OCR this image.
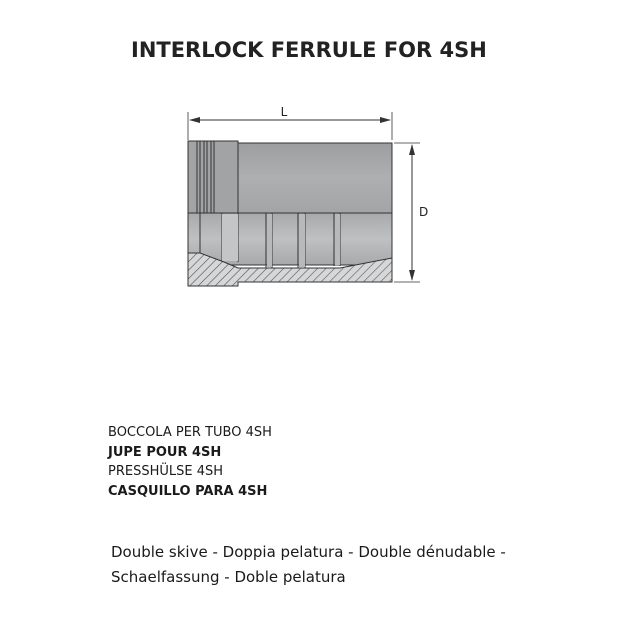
INTERLOCK FERRULE FOR 4SH
L
D
BOCCOLA PER TUBO 4SH
JUPE POUR 4SH
PRESSHÜLSE 4SH
CASQUILLO PARA 4SH
Double skive - Doppia pelatura - Double dénudable -
Schaelfassung - Doble pelatura
